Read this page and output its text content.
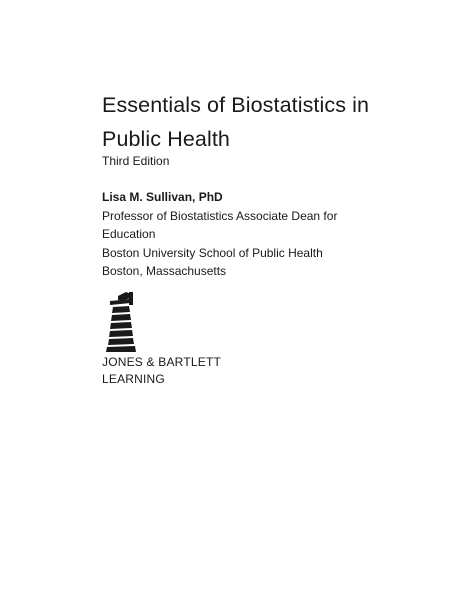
Essentials of Biostatistics in
Public Health

Third Edition

Lisa M. Sullivan, PhD
Professor of Biostatistics Associate Dean for
Education
Boston University School of Public Health
Boston, Massachusetts
JONES & BARTLETT
LEARNING
